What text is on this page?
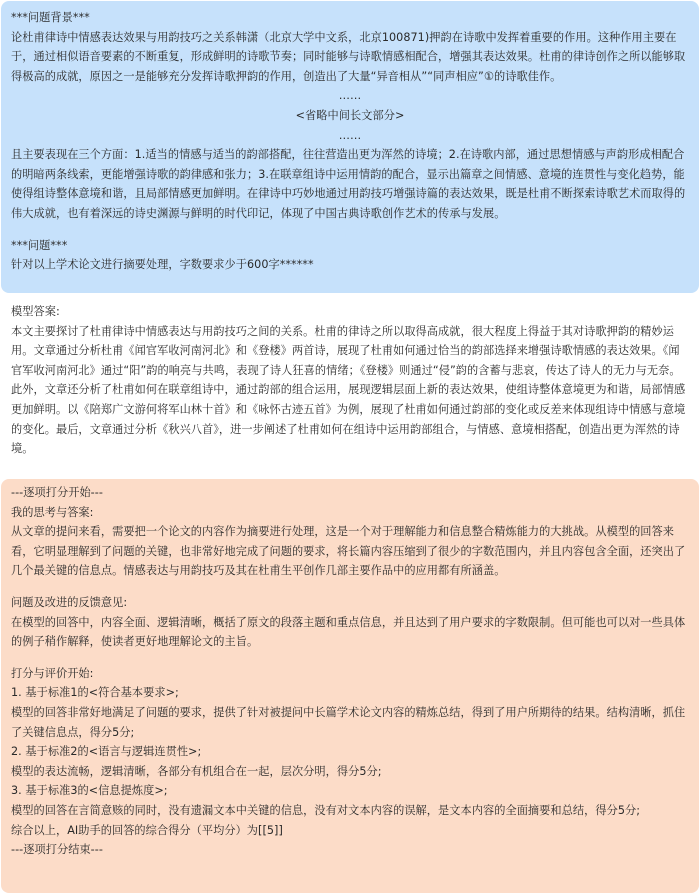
***问题背景***

论杜甫律诗中情感表达效果与用韵技巧之关系韩潇（北京大学中文系，北京100871)押韵在诗歌中发挥着重要的作用。这种作用主要在于，通过相似语音要素的不断重复，形成鲜明的诗歌节奏；同时能够与诗歌情感相配合，增强其表达效果。杜甫的律诗创作之所以能够取得极高的成就，原因之一是能够充分发挥诗歌押韵的作用，创造出了大量“异音相从”“同声相应”①的诗歌佳作。

……

<省略中间长文部分>

……

且主要表现在三个方面：1.适当的情感与适当的韵部搭配，往往营造出更为浑然的诗境；2.在诗歌内部，通过思想情感与声韵形成相配合的明暗两条线索，更能增强诗歌的韵律感和张力；3.在联章组诗中运用情韵的配合，显示出篇章之间情感、意境的连贯性与变化趋势，能使得组诗整体意境和谐，且局部情感更加鲜明。在律诗中巧妙地通过用韵技巧增强诗篇的表达效果，既是杜甫不断探索诗歌艺术而取得的伟大成就，也有着深远的诗史渊源与鲜明的时代印记，体现了中国古典诗歌创作艺术的传承与发展。

***问题***

针对以上学术论文进行摘要处理，字数要求少于600字******

模型答案:

本文主要探讨了杜甫律诗中情感表达与用韵技巧之间的关系。杜甫的律诗之所以取得高成就，很大程度上得益于其对诗歌押韵的精妙运用。文章通过分析杜甫《闻官军收河南河北》和《登楼》两首诗，展现了杜甫如何通过恰当的韵部选择来增强诗歌情感的表达效果。《闻官军收河南河北》通过“阳”韵的响亮与共鸣，表现了诗人狂喜的情绪；《登楼》则通过“侵”韵的含蓄与悲哀，传达了诗人的无力与无奈。此外，文章还分析了杜甫如何在联章组诗中，通过韵部的组合运用，展现逻辑层面上新的表达效果，使组诗整体意境更为和谐，局部情感更加鲜明。以《陪郑广文游何将军山林十首》和《咏怀古迹五首》为例，展现了杜甫如何通过韵部的变化或反差来体现组诗中情感与意境的变化。最后，文章通过分析《秋兴八首》，进一步阐述了杜甫如何在组诗中运用韵部组合，与情感、意境相搭配，创造出更为浑然的诗境。

---逐项打分开始---

我的思考与答案:

从文章的提问来看，需要把一个论文的内容作为摘要进行处理，这是一个对于理解能力和信息整合精炼能力的大挑战。从模型的回答来看，它明显理解到了问题的关键，也非常好地完成了问题的要求，将长篇内容压缩到了很少的字数范围内，并且内容包含全面，还突出了几个最关键的信息点。情感表达与用韵技巧及其在杜甫生平创作几部主要作品中的应用都有所涵盖。

问题及改进的反馈意见:

在模型的回答中，内容全面、逻辑清晰，概括了原文的段落主题和重点信息，并且达到了用户要求的字数限制。但可能也可以对一些具体的例子稍作解释，使读者更好地理解论文的主旨。

打分与评价开始:

1. 基于标准1的<符合基本要求>;

模型的回答非常好地满足了问题的要求，提供了针对被提问中长篇学术论文内容的精炼总结，得到了用户所期待的结果。结构清晰，抓住了关键信息点，得分5分;

2. 基于标准2的<语言与逻辑连贯性>;

模型的表达流畅，逻辑清晰，各部分有机组合在一起，层次分明，得分5分;

3. 基于标准3的<信息提炼度>;

模型的回答在言简意赅的同时，没有遗漏文本中关键的信息，没有对文本内容的误解，是文本内容的全面摘要和总结，得分5分;

综合以上，AI助手的回答的综合得分（平均分）为[[5]]

---逐项打分结束---
